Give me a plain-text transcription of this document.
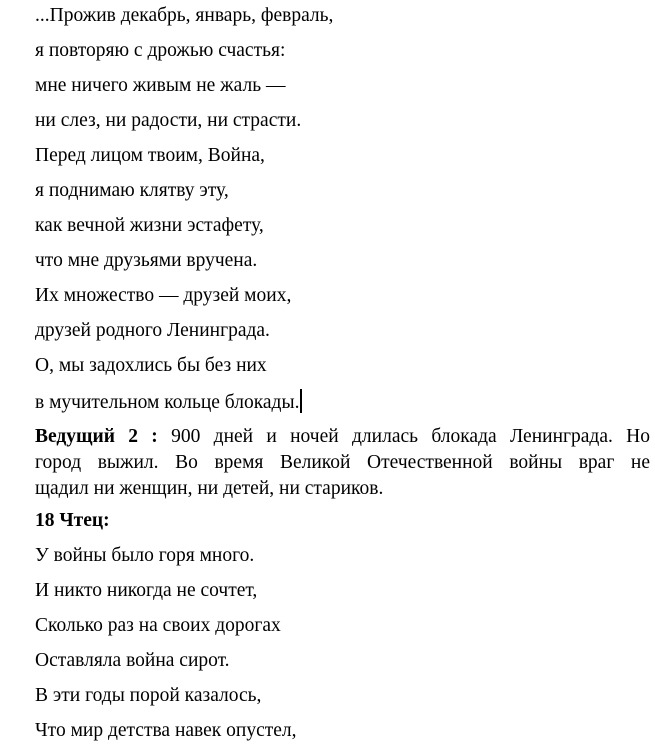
...Прожив декабрь, январь, февраль,
я повторяю с дрожью счастья:
мне ничего живым не жаль —
ни слез, ни радости, ни страсти.
Перед лицом твоим, Война,
я поднимаю клятву эту,
как вечной жизни эстафету,
что мне друзьями вручена.
Их множество — друзей моих,
друзей родного Ленинграда.
О, мы задохлись бы без них
в мучительном кольце блокады.
Ведущий 2 : 900 дней и ночей длилась блокада Ленинграда. Но
город выжил. Во время Великой Отечественной войны враг не
щадил ни женщин, ни детей, ни стариков.
18 Чтец:
У войны было горя много.
И никто никогда не сочтет,
Сколько раз на своих дорогах
Оставляла война сирот.
В эти годы порой казалось,
Что мир детства навек опустел,
